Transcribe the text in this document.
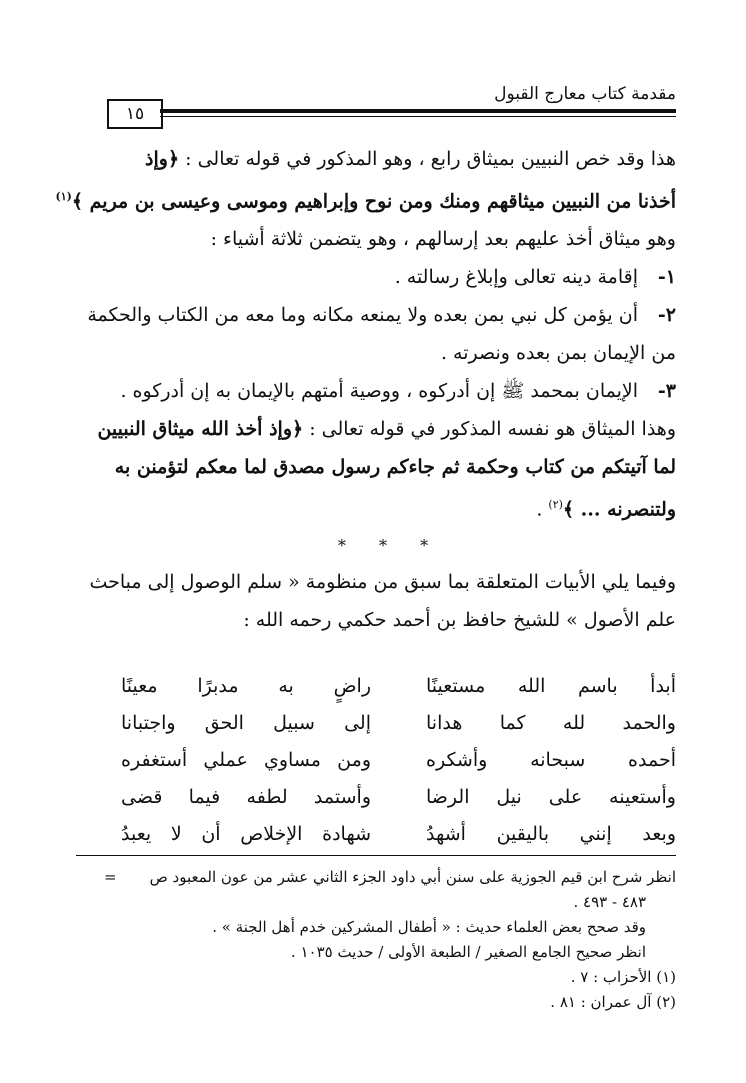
مقدمة كتاب معارج القبول
١٥
هذا وقد خص النبيين بميثاق رابع ، وهو المذكور في قوله تعالى : ﴿وإذ
أخذنا من النبيين ميثاقهم ومنك ومن نوح وإبراهيم وموسى وعيسى بن مريم ﴾$^{(١)}$
وهو ميثاق أخذ عليهم بعد إرسالهم ، وهو يتضمن ثلاثة أشياء :
١-
إقامة دينه تعالى وإبلاغ رسالته .
٢-
أن يؤمن كل نبي بمن بعده ولا يمنعه مكانه وما معه من الكتاب والحكمة
من الإيمان بمن بعده ونصرته .
٣-
الإيمان بمحمد ﷺ إن أدركوه ، ووصية أمتهم بالإيمان به إن أدركوه .
وهذا الميثاق هو نفسه المذكور في قوله تعالى : ﴿وإذ أخذ الله ميثاق النبيين
لما آتيتكم من كتاب وحكمة ثم جاءكم رسول مصدق لما معكم لتؤمنن به
ولتنصرنه ... ﴾$^{(٢)}$ .
* * *
وفيما يلي الأبيات المتعلقة بما سبق من منظومة « سلم الوصول إلى مباحث
علم الأصول » للشيخ حافظ بن أحمد حكمي رحمه الله :
أبدأ باسم الله مستعينًا
راضٍ به مدبرًا معينًا
والحمد لله كما هدانا
إلى سبيل الحق واجتبانا
أحمده سبحانه وأشكره
ومن مساوي عملي أستغفره
وأستعينه على نيل الرضا
وأستمد لطفه فيما قضى
وبعد إنني باليقين أشهدُ
شهادة الإخلاص أن لا يعبدُ
انظر شرح ابن قيم الجوزية على سنن أبي داود الجزء الثاني عشر من عون المعبود ص
=
٤٨٣ - ٤٩٣ .
وقد صحح بعض العلماء حديث : « أطفال المشركين خدم أهل الجنة » .
انظر صحيح الجامع الصغير / الطبعة الأولى / حديث ١٠٣٥ .
(١) الأحزاب : ٧ .
(٢) آل عمران : ٨١ .
